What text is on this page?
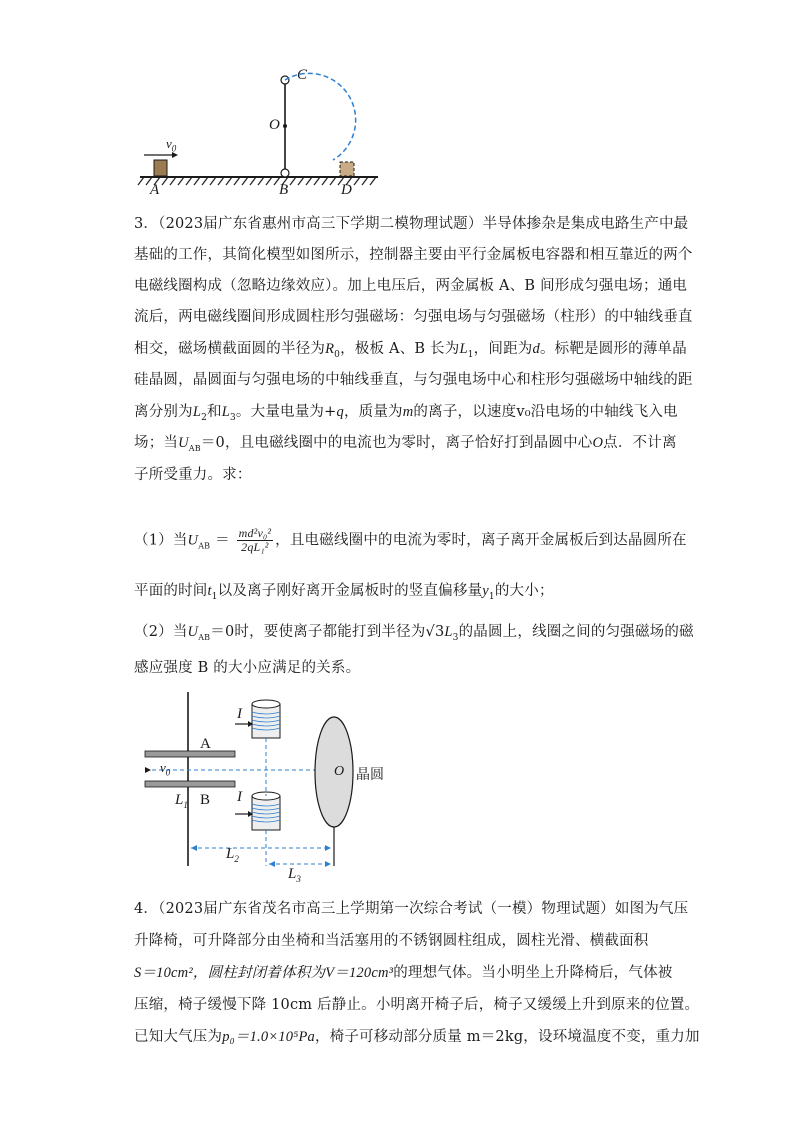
C
O
$v_0$
A	B	D
3．（2023届广东省惠州市高三下学期二模物理试题）半导体掺杂是集成电路生产中最
基础的工作，其简化模型如图所示，控制器主要由平行金属板电容器和相互靠近的两个
电磁线圈构成（忽略边缘效应）。加上电压后，两金属板 A、B 间形成匀强电场；通电
流后，两电磁线圈间形成圆柱形匀强磁场：匀强电场与匀强磁场（柱形）的中轴线垂直
相交，磁场横截面圆的半径为$R_0$，极板 A、B 长为$L_1$，间距为d。标靶是圆形的薄单晶
硅晶圆，晶圆面与匀强电场的中轴线垂直，与匀强电场中心和柱形匀强磁场中轴线的距
离分别为$L_2$和$L_3$。大量电量为+q，质量为m的离子，以速度v₀沿电场的中轴线飞入电
场；当$U_{AB}=0$，且电磁线圈中的电流也为零时，离子恰好打到晶圆中心O点．不计离
子所受重力。求：
（1）当$U_{AB} = \frac{\text{md²v₀²}}{\text{2qL₁²}}$ ，且电磁线圈中的电流为零时，离子离开金属板后到达晶圆所在
平面的时间$t_1$以及离子刚好离开金属板时的竖直偏移量$y_1$的大小；
（2）当$U_{AB}=0$时，要使离子都能打到半径为$√3L_3$的晶圆上，线圈之间的匀强磁场的磁
感应强度 B 的大小应满足的关系。
I
A
$v_0$	O 晶圆
$L_1$ B I
$L_2$
$L_3$
4．（2023届广东省茂名市高三上学期第一次综合考试（一模）物理试题）如图为气压
升降椅，可升降部分由坐椅和当活塞用的不锈钢圆柱组成，圆柱光滑、横截面积
S＝10cm²，圆柱封闭着体积为V＝120cm³的理想气体。当小明坐上升降椅后，气体被
压缩，椅子缓慢下降 10cm 后静止。小明离开椅子后，椅子又缓缓上升到原来的位置。
已知大气压为p₀＝1.0×10⁵Pa，椅子可移动部分质量 m＝2kg，设环境温度不变，重力加
